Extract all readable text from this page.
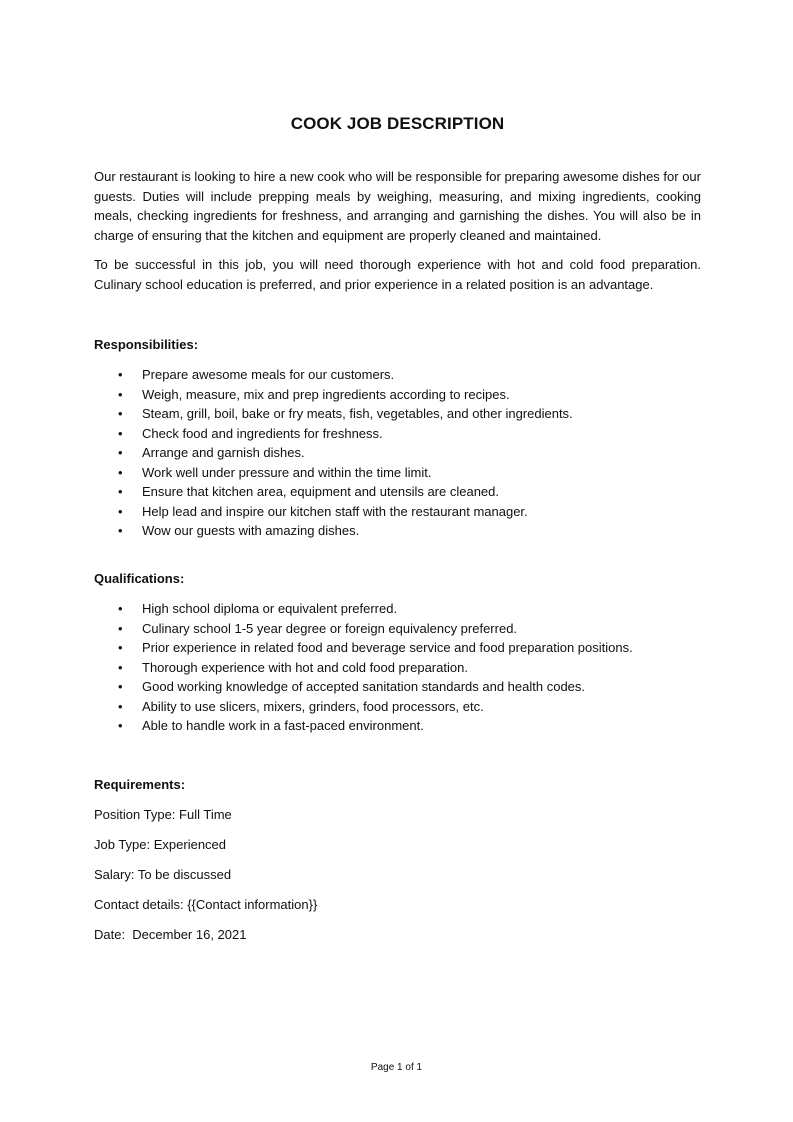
COOK JOB DESCRIPTION

Our restaurant is looking to hire a new cook who will be responsible for preparing awesome dishes for our guests. Duties will include prepping meals by weighing, measuring, and mixing ingredients, cooking meals, checking ingredients for freshness, and arranging and garnishing the dishes. You will also be in charge of ensuring that the kitchen and equipment are properly cleaned and maintained.

To be successful in this job, you will need thorough experience with hot and cold food preparation. Culinary school education is preferred, and prior experience in a related position is an advantage.

Responsibilities:
• Prepare awesome meals for our customers.
• Weigh, measure, mix and prep ingredients according to recipes.
• Steam, grill, boil, bake or fry meats, fish, vegetables, and other ingredients.
• Check food and ingredients for freshness.
• Arrange and garnish dishes.
• Work well under pressure and within the time limit.
• Ensure that kitchen area, equipment and utensils are cleaned.
• Help lead and inspire our kitchen staff with the restaurant manager.
• Wow our guests with amazing dishes.
Qualifications:
• High school diploma or equivalent preferred.
• Culinary school 1-5 year degree or foreign equivalency preferred.
• Prior experience in related food and beverage service and food preparation positions.
• Thorough experience with hot and cold food preparation.
• Good working knowledge of accepted sanitation standards and health codes.
• Ability to use slicers, mixers, grinders, food processors, etc.
• Able to handle work in a fast-paced environment.
Requirements:
Position Type: Full Time
Job Type: Experienced
Salary: To be discussed
Contact details: {{Contact information}}
Date:  December 16, 2021
Page 1 of 1
